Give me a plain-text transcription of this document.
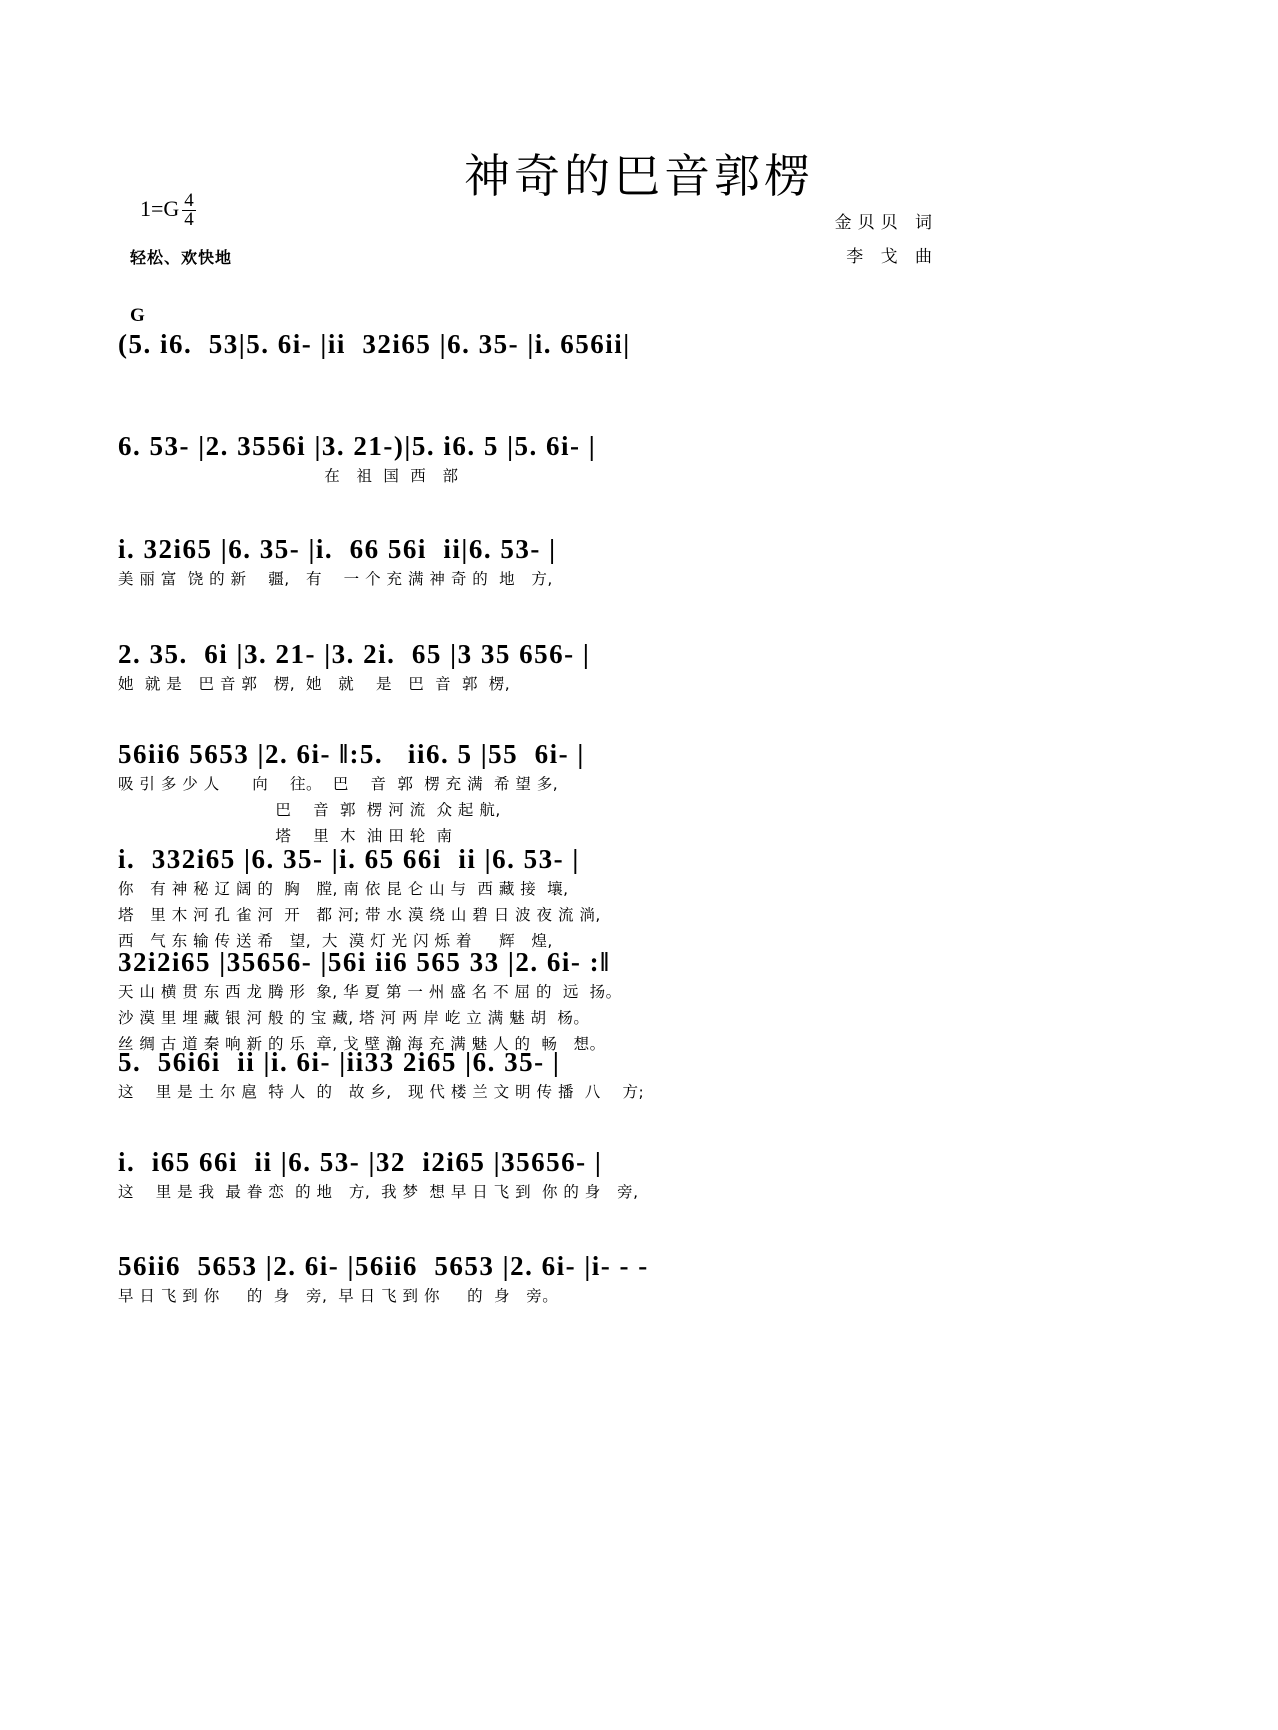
神奇的巴音郭楞
$1=G \frac{4}{4}$
轻松、欢快地
金贝贝 词
李 戈 曲
G
(5. i6.  53|5. 6i- |ii  32i65 |6. 35- |i. 656ii|
6. 53- |2. 3556i |3. 21-)|5. i6. 5 |5. 6i- |
在   祖  国  西   部
i. 32i65 |6. 35- |i.  66 56i  ii|6. 53- |
美 丽 富  饶 的 新    疆,   有    一 个 充 满 神 奇 的  地   方,
2. 35.  6i |3. 21- |3. 2i.  65 |3 35 656- |
她  就 是   巴 音 郭   楞,  她   就    是   巴  音  郭  楞,
56ii6 5653 |2. 6i- ‖:5.   ii6. 5 |55  6i- |
吸 引 多 少 人      向    往。  巴    音  郭  楞 充 满  希 望 多,
巴    音  郭  楞 河 流  众 起 航,
塔    里  木  油 田 轮  南
i.  332i65 |6. 35- |i. 65 66i  ii |6. 53- |
你   有 神 秘 辽 阔 的  胸   膛, 南 依 昆 仑 山 与  西 藏 接  壤,
塔   里 木 河 孔 雀 河  开   都 河; 带 水 漠 绕 山 碧 日 波 夜 流 淌,
西   气 东 输 传 送 希   望,  大  漠 灯 光 闪 烁 着     辉   煌,
32i2i65 |35656- |56i ii6 565 33 |2. 6i- :‖
天 山 横 贯 东 西 龙 腾 形  象, 华 夏 第 一 州 盛 名 不 屈 的  远  扬。
沙 漠 里 埋 藏 银 河 般 的 宝 藏, 塔 河 两 岸 屹 立 满 魅 胡  杨。
丝 绸 古 道 秦 响 新 的 乐  章, 戈 壁 瀚 海 充 满 魅 人 的  畅   想。
5.  56i6i  ii |i. 6i- |ii33 2i65 |6. 35- |
这    里 是 土 尔 扈  特 人  的   故 乡,   现 代 楼 兰 文 明 传 播  八    方;
i.  i65 66i  ii |6. 53- |32  i2i65 |35656- |
这    里 是 我  最 眷 恋  的 地   方,  我 梦  想 早 日 飞 到  你 的 身   旁,
56ii6  5653 |2. 6i- |56ii6  5653 |2. 6i- |i- - -
早 日 飞 到 你     的  身   旁,  早 日 飞 到 你     的  身   旁。
